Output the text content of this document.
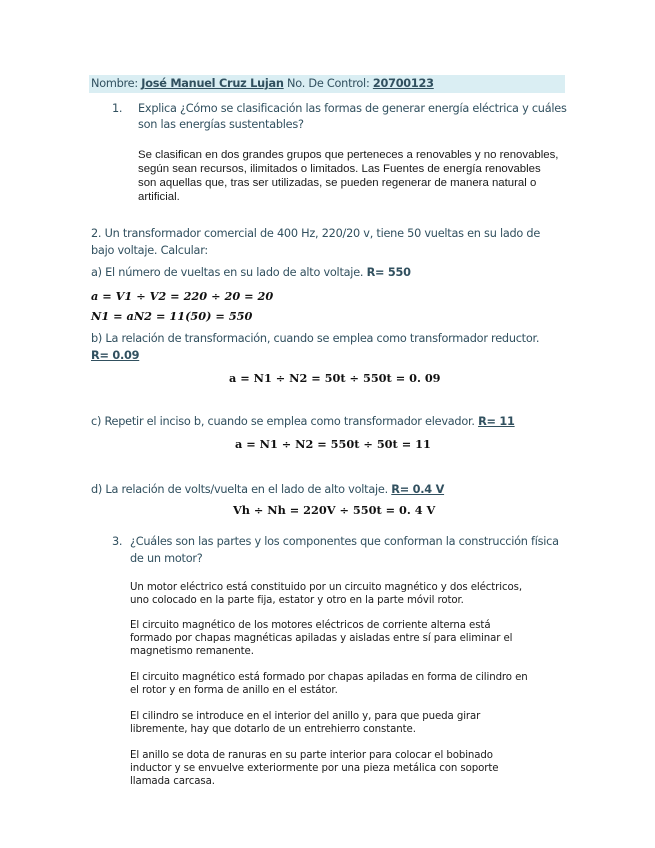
Nombre: José Manuel Cruz Lujan No. De Control: 20700123
1. Explica ¿Cómo se clasificación las formas de generar energía eléctrica y cuáles
son las energías sustentables?
Se clasifican en dos grandes grupos que perteneces a renovables y no renovables,
según sean recursos, ilimitados o limitados. Las Fuentes de energía renovables
son aquellas que, tras ser utilizadas, se pueden regenerar de manera natural o
artificial.
2. Un transformador comercial de 400 Hz, 220/20 v, tiene 50 vueltas en su lado de
bajo voltaje. Calcular:
a) El número de vueltas en su lado de alto voltaje. R= 550
a = V1 ÷ V2 = 220 ÷ 20 = 20
N1 = aN2 = 11(50) = 550
b) La relación de transformación, cuando se emplea como transformador reductor.
R= 0.09
a = N1 ÷ N2 = 50t ÷ 550t = 0. 09
c) Repetir el inciso b, cuando se emplea como transformador elevador. R= 11
a = N1 ÷ N2 = 550t ÷ 50t = 11
d) La relación de volts/vuelta en el lado de alto voltaje. R= 0.4 V
Vh ÷ Nh = 220V ÷ 550t = 0. 4 V
3. ¿Cuáles son las partes y los componentes que conforman la construcción física
de un motor?
Un motor eléctrico está constituido por un circuito magnético y dos eléctricos,
uno colocado en la parte fija, estator y otro en la parte móvil rotor.
El circuito magnético de los motores eléctricos de corriente alterna está
formado por chapas magnéticas apiladas y aisladas entre sí para eliminar el
magnetismo remanente.
El circuito magnético está formado por chapas apiladas en forma de cilindro en
el rotor y en forma de anillo en el estátor.
El cilindro se introduce en el interior del anillo y, para que pueda girar
libremente, hay que dotarlo de un entrehierro constante.
El anillo se dota de ranuras en su parte interior para colocar el bobinado
inductor y se envuelve exteriormente por una pieza metálica con soporte
llamada carcasa.
